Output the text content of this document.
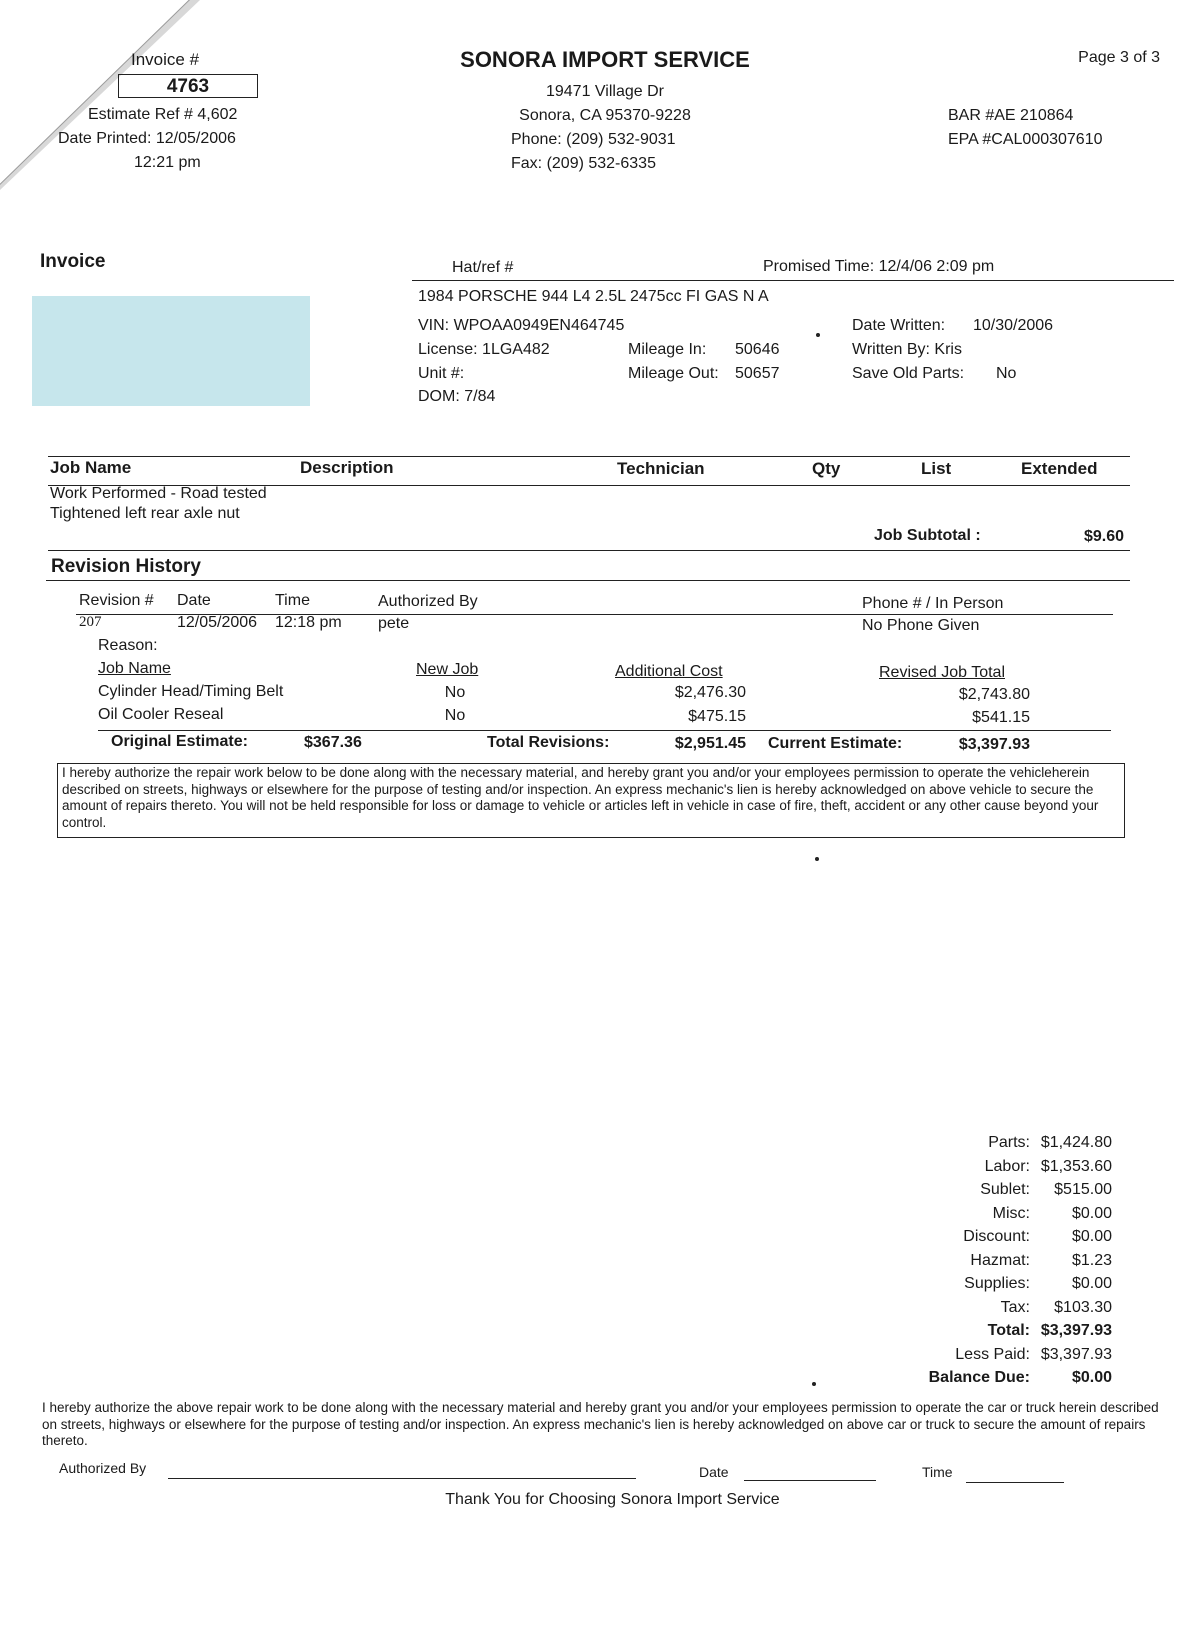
Invoice #
4763
Estimate Ref # 4,602
Date Printed: 12/05/2006
12:21 pm
SONORA IMPORT SERVICE
19471 Village Dr
Sonora, CA 95370-9228
Phone: (209) 532-9031
Fax: (209) 532-6335
Page 3 of 3
BAR #AE 210864
EPA #CAL000307610
Invoice	Hat/ref #	Promised Time: 12/4/06 2:09 pm
1984 PORSCHE 944 L4 2.5L 2475cc FI GAS N A
VIN: WPOAA0949EN464745
License: 1LGA482
Unit #:
DOM: 7/84
Mileage In: 50646
Mileage Out: 50657
Date Written: 10/30/2006
Written By: Kris
Save Old Parts: No
Job Name	Description	Technician	Qty	List	Extended
Work Performed - Road tested
Tightened left rear axle nut
Job Subtotal :	$9.60
Revision History
Revision # Date	Time	Authorized By	Phone # / In Person
207	12/05/2006 12:18 pm pete	No Phone Given
Reason:
Job Name	New Job	Additional Cost	Revised Job Total
Cylinder Head/Timing Belt	No	$2,476.30	$2,743.80
Oil Cooler Reseal	No	$475.15	$541.15
Original Estimate:	$367.36	Total Revisions:	$2,951.45 Current Estimate:	$3,397.93
I hereby authorize the repair work below to be done along with the necessary material, and hereby grant you and/or your employees permission to operate the vehicleherein described on streets, highways or elsewhere for the purpose of testing and/or inspection. An express mechanic's lien is hereby acknowledged on above vehicle to secure the amount of repairs thereto. You will not be held responsible for loss or damage to vehicle or articles left in vehicle in case of fire, theft, accident or any other cause beyond your control.
Parts: $1,424.80
Labor: $1,353.60
Sublet:	$515.00
Misc:	$0.00
Discount:	$0.00
Hazmat:	$1.23
Supplies:	$0.00
Tax:	$103.30
Total: $3,397.93
Less Paid: $3,397.93
Balance Due:	$0.00
I hereby authorize the above repair work to be done along with the necessary material and hereby grant you and/or your employees permission to operate the car or truck herein described on streets, highways or elsewhere for the purpose of testing and/or inspection. An express mechanic's lien is hereby acknowledged on above car or truck to secure the amount of repairs thereto.
Authorized By	Date	Time
Thank You for Choosing Sonora Import Service
